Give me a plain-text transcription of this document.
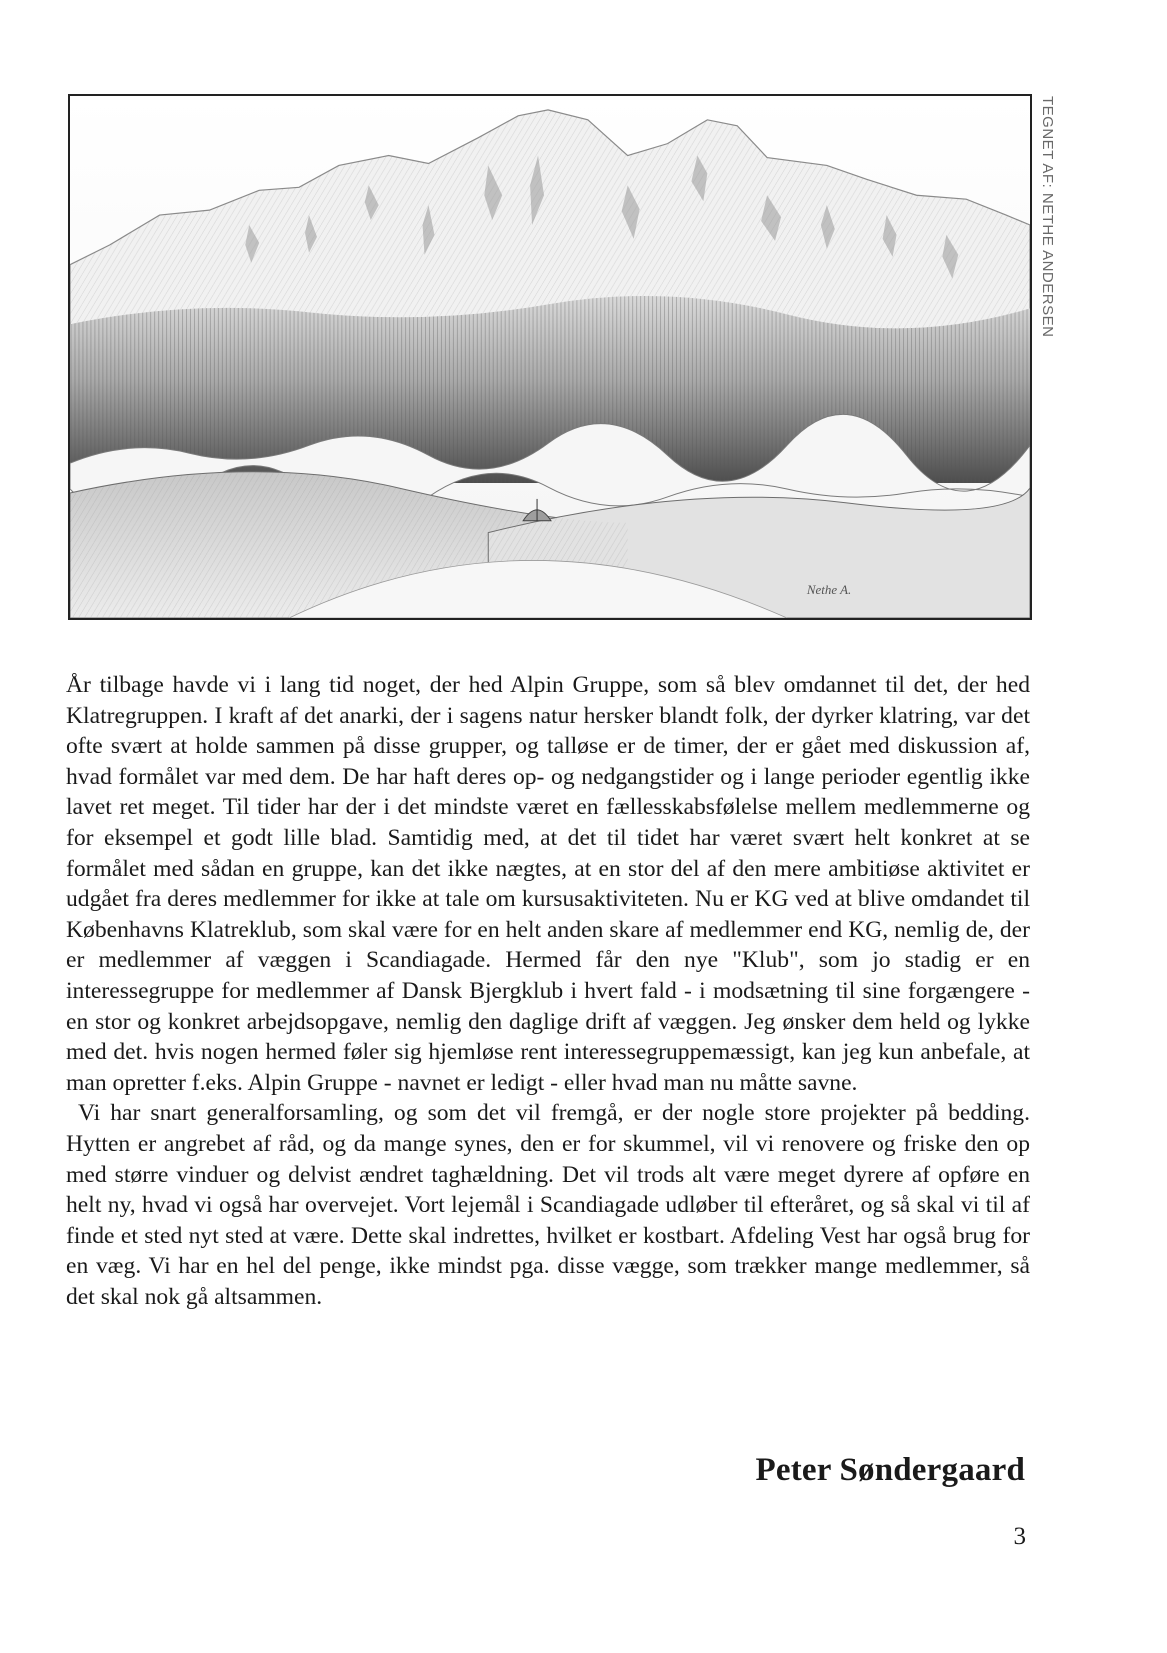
Nethe A.
TEGNET AF: NETHE ANDERSEN

År tilbage havde vi i lang tid noget, der hed Alpin Gruppe, som så blev omdannet til det, der hed Klatregruppen. I kraft af det anarki, der i sagens natur hersker blandt folk, der dyrker klatring, var det ofte svært at holde sammen på disse grupper, og talløse er de timer, der er gået med diskussion af, hvad formålet var med dem. De har haft deres op- og nedgangstider og i lange perioder egentlig ikke lavet ret meget. Til tider har der i det mindste været en fællesskabsfølelse mellem medlemmerne og for eksempel et godt lille blad. Samtidig med, at det til tidet har været svært helt konkret at se formålet med sådan en gruppe, kan det ikke nægtes, at en stor del af den mere ambitiøse aktivitet er udgået fra deres medlemmer for ikke at tale om kursusaktiviteten. Nu er KG ved at blive omdandet til Københavns Klatreklub, som skal være for en helt anden skare af medlemmer end KG, nemlig de, der er medlemmer af væggen i Scandiagade. Hermed får den nye "Klub", som jo stadig er en interessegruppe for medlemmer af Dansk Bjergklub i hvert fald - i modsætning til sine forgængere - en stor og konkret arbejdsopgave, nemlig den daglige drift af væggen. Jeg ønsker dem held og lykke med det. hvis nogen hermed føler sig hjemløse rent interessegruppemæssigt, kan jeg kun anbefale, at man opretter f.eks. Alpin Gruppe - navnet er ledigt - eller hvad man nu måtte savne.

Vi har snart generalforsamling, og som det vil fremgå, er der nogle store projekter på bedding. Hytten er angrebet af råd, og da mange synes, den er for skummel, vil vi renovere og friske den op med større vinduer og delvist ændret taghældning. Det vil trods alt være meget dyrere af opføre en helt ny, hvad vi også har overvejet. Vort lejemål i Scandiagade udløber til efteråret, og så skal vi til af finde et sted nyt sted at være. Dette skal indrettes, hvilket er kostbart. Afdeling Vest har også brug for en væg. Vi har en hel del penge, ikke mindst pga. disse vægge, som trækker mange medlemmer, så det skal nok gå altsammen.

Peter Søndergaard
3
